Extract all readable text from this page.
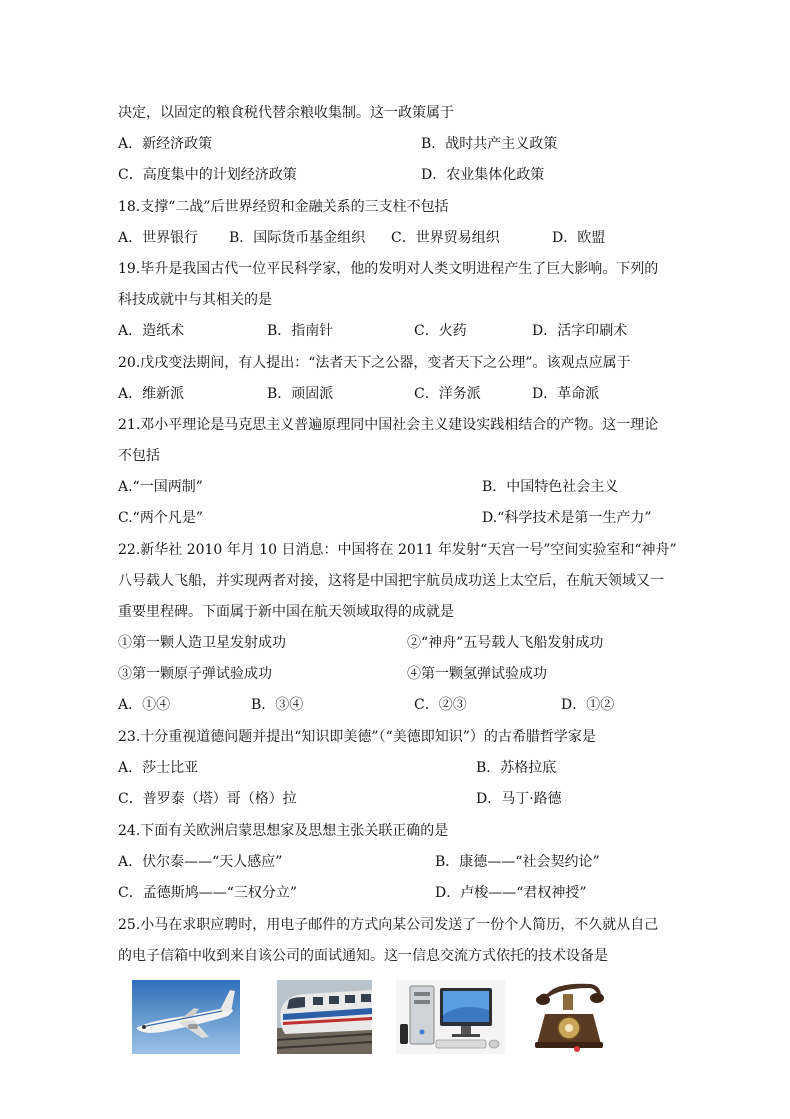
决定，以固定的粮食税代替余粮收集制。这一政策属于
A．新经济政策	B．战时共产主义政策
C．高度集中的计划经济政策	D．农业集体化政策
18.支撑“二战”后世界经贸和金融关系的三支柱不包括
A．世界银行 B．国际货币基金组织 C．世界贸易组织	D．欧盟
19.毕升是我国古代一位平民科学家，他的发明对人类文明进程产生了巨大影响。下列的
科技成就中与其相关的是
A．造纸术	B．指南针	C．火药	D．活字印刷术
20.戊戌变法期间，有人提出：“法者天下之公器，变者天下之公理”。该观点应属于
A．维新派	B．顽固派	C．洋务派	D．革命派
21.邓小平理论是马克思主义普遍原理同中国社会主义建设实践相结合的产物。这一理论
不包括
A.“一国两制”	B．中国特色社会主义
C.“两个凡是”	D.“科学技术是第一生产力”
22.新华社 2010 年月 10 日消息：中国将在 2011 年发射“天宫一号”空间实验室和“神舟”
八号载人飞船，并实现两者对接，这将是中国把宇航员成功送上太空后，在航天领域又一
重要里程碑。下面属于新中国在航天领域取得的成就是
①第一颗人造卫星发射成功	②“神舟”五号载人飞船发射成功
③第一颗原子弹试验成功	④第一颗氢弹试验成功
A．①④	B．③④	C．②③	D．①②
23.十分重视道德问题并提出“知识即美德”（“美德即知识”）的古希腊哲学家是
A．莎士比亚	B．苏格拉底
C．普罗泰（塔）哥（格）拉	D．马丁·路德
24.下面有关欧洲启蒙思想家及思想主张关联正确的是
A．伏尔泰——“天人感应”	B．康德——“社会契约论”
C．孟德斯鸠——“三权分立”	D．卢梭——“君权神授”
25.小马在求职应聘时，用电子邮件的方式向某公司发送了一份个人简历，不久就从自己
的电子信箱中收到来自该公司的面试通知。这一信息交流方式依托的技术设备是
